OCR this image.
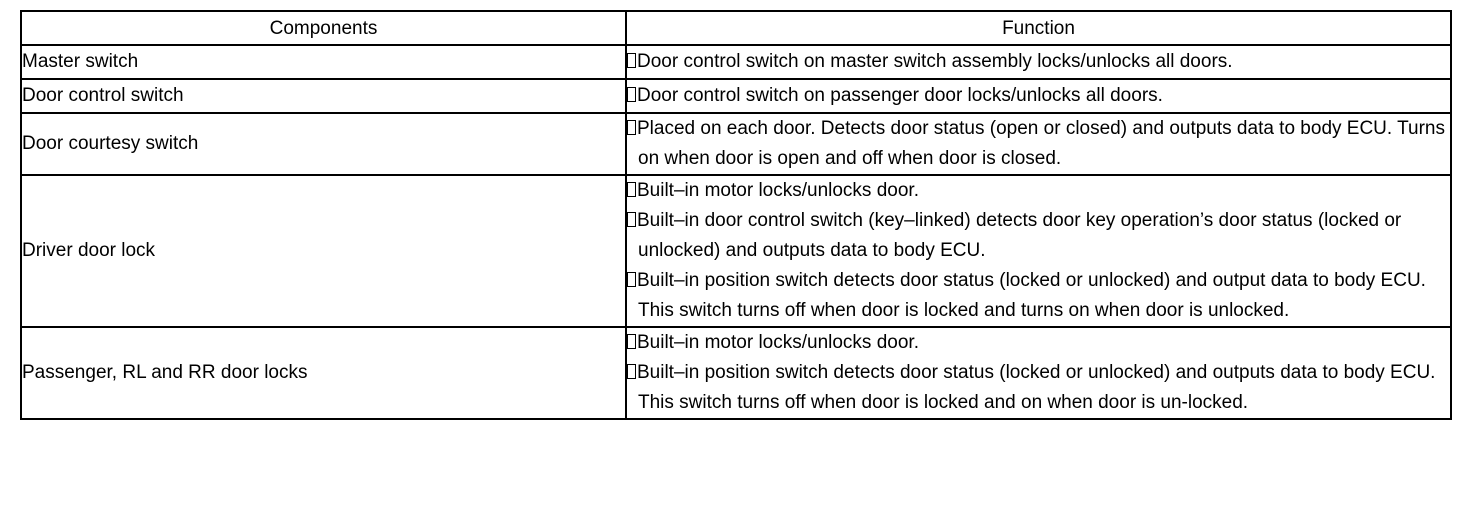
Components	Function
Master switch	Door control switch on master switch assembly locks/unlocks all doors.

Door control switch	Door control switch on passenger door locks/unlocks all doors.

Door courtesy switch	Placed on each door. Detects door status (open or closed) and outputs data to body ECU. Turns on when door is open and off when door is closed.

Driver door lock	Built–in motor locks/unlocks door.
Built–in door control switch (key–linked) detects door key operation’s door status (locked or unlocked) and outputs data to body ECU.
Built–in position switch detects door status (locked or unlocked) and output data to body ECU. This switch turns off when door is locked and turns on when door is unlocked.

Passenger, RL and RR door locks	Built–in motor locks/unlocks door.
Built–in position switch detects door status (locked or unlocked) and outputs data to body ECU. This switch turns off when door is locked and on when door is un-locked.
